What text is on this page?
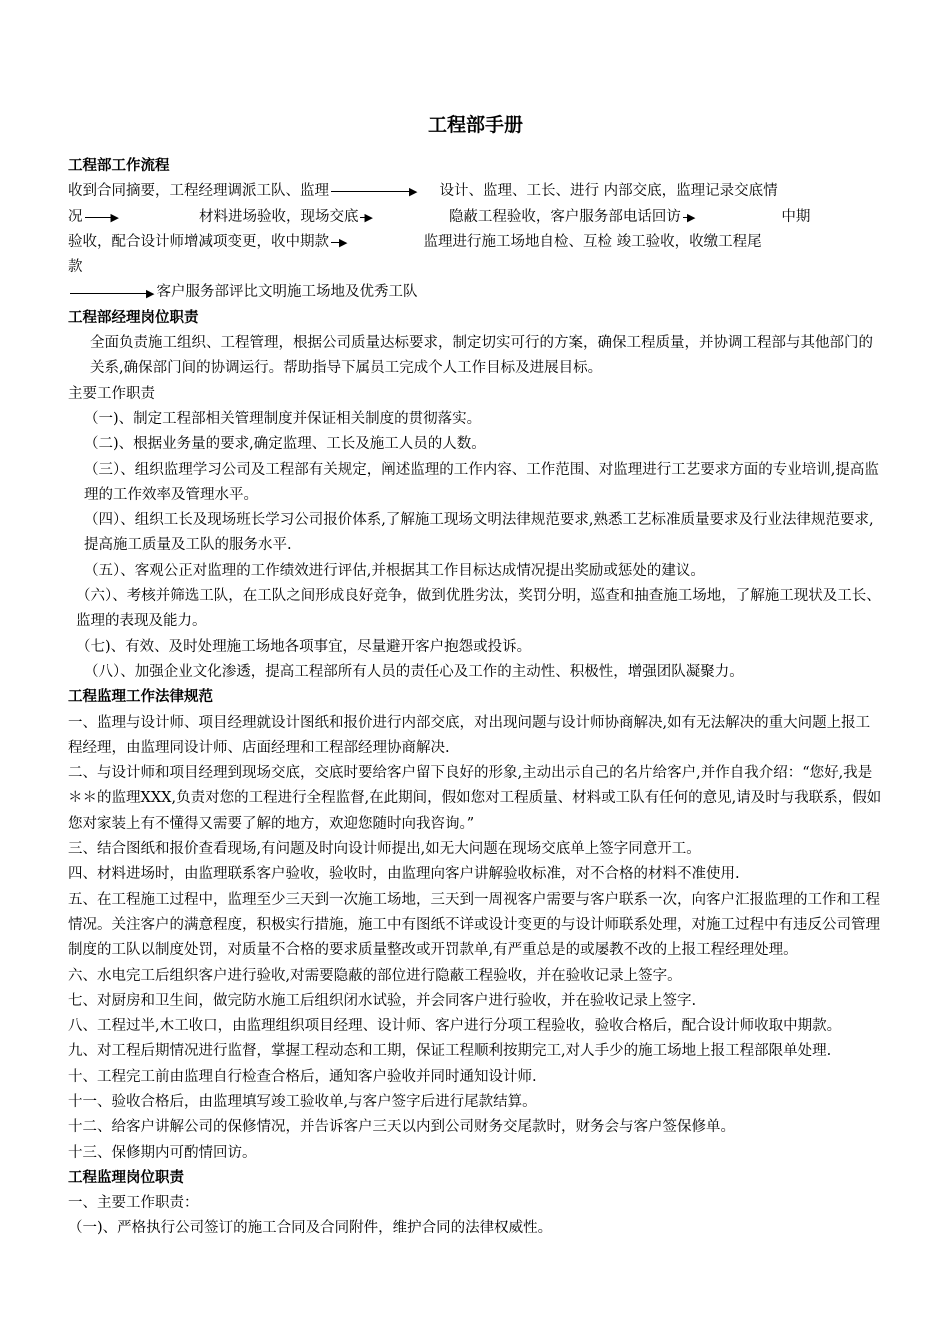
工程部手册

工程部工作流程

收到合同摘要，工程经理调派工队、监理	▶ 设计、监理、工长、进行 内部交底，监理记录交底情
况	▶	材料进场验收，现场交底 ▶	隐蔽工程验收，客户服务部电话回访 ▶	中期
验收，配合设计师增减项变更，收中期款 ▶	监理进行施工场地自检、互检 竣工验收，收缴工程尾
款
▶ 客户服务部评比文明施工场地及优秀工队

工程部经理岗位职责

全面负责施工组织、工程管理，根据公司质量达标要求，制定切实可行的方案，确保工程质量，并协调工程部与其他部门的关系,确保部门间的协调运行。帮助指导下属员工完成个人工作目标及进展目标。

主要工作职责

（一)、制定工程部相关管理制度并保证相关制度的贯彻落实。

（二)、根据业务量的要求,确定监理、工长及施工人员的人数。

（三）、组织监理学习公司及工程部有关规定，阐述监理的工作内容、工作范围、对监理进行工艺要求方面的专业培训,提高监理的工作效率及管理水平。

（四）、组织工长及现场班长学习公司报价体系,了解施工现场文明法律规范要求,熟悉工艺标准质量要求及行业法律规范要求,提高施工质量及工队的服务水平.

（五）、客观公正对监理的工作绩效进行评估,并根据其工作目标达成情况提出奖励或惩处的建议。

（六）、考核并筛选工队，在工队之间形成良好竞争，做到优胜劣汰，奖罚分明，巡查和抽查施工场地，了解施工现状及工长、监理的表现及能力。

（七)、有效、及时处理施工场地各项事宜，尽量避开客户抱怨或投诉。

（八）、加强企业文化渗透，提高工程部所有人员的责任心及工作的主动性、积极性，增强团队凝聚力。

工程监理工作法律规范

一、监理与设计师、项目经理就设计图纸和报价进行内部交底，对出现问题与设计师协商解决,如有无法解决的重大问题上报工程经理，由监理同设计师、店面经理和工程部经理协商解决.

二、与设计师和项目经理到现场交底，交底时要给客户留下良好的形象,主动出示自己的名片给客户,并作自我介绍：“您好,我是＊＊的监理XXX,负责对您的工程进行全程监督,在此期间，假如您对工程质量、材料或工队有任何的意见,请及时与我联系，假如您对家装上有不懂得又需要了解的地方，欢迎您随时向我咨询。”

三、结合图纸和报价查看现场,有问题及时向设计师提出,如无大问题在现场交底单上签字同意开工。

四、材料进场时，由监理联系客户验收，验收时，由监理向客户讲解验收标准，对不合格的材料不准使用.

五、在工程施工过程中，监理至少三天到一次施工场地，三天到一周视客户需要与客户联系一次，向客户汇报监理的工作和工程情况。关注客户的满意程度，积极实行措施，施工中有图纸不详或设计变更的与设计师联系处理，对施工过程中有违反公司管理制度的工队以制度处罚，对质量不合格的要求质量整改或开罚款单,有严重总是的或屡教不改的上报工程经理处理。

六、水电完工后组织客户进行验收,对需要隐蔽的部位进行隐蔽工程验收，并在验收记录上签字。

七、对厨房和卫生间，做完防水施工后组织闭水试验，并会同客户进行验收，并在验收记录上签字.

八、工程过半,木工收口，由监理组织项目经理、设计师、客户进行分项工程验收，验收合格后，配合设计师收取中期款。

九、对工程后期情况进行监督，掌握工程动态和工期，保证工程顺利按期完工,对人手少的施工场地上报工程部限单处理.

十、工程完工前由监理自行检查合格后，通知客户验收并同时通知设计师.

十一、验收合格后，由监理填写竣工验收单,与客户签字后进行尾款结算。

十二、给客户讲解公司的保修情况，并告诉客户三天以内到公司财务交尾款时，财务会与客户签保修单。

十三、保修期内可酌情回访。

工程监理岗位职责

一、主要工作职责：

（一)、严格执行公司签订的施工合同及合同附件，维护合同的法律权威性。
